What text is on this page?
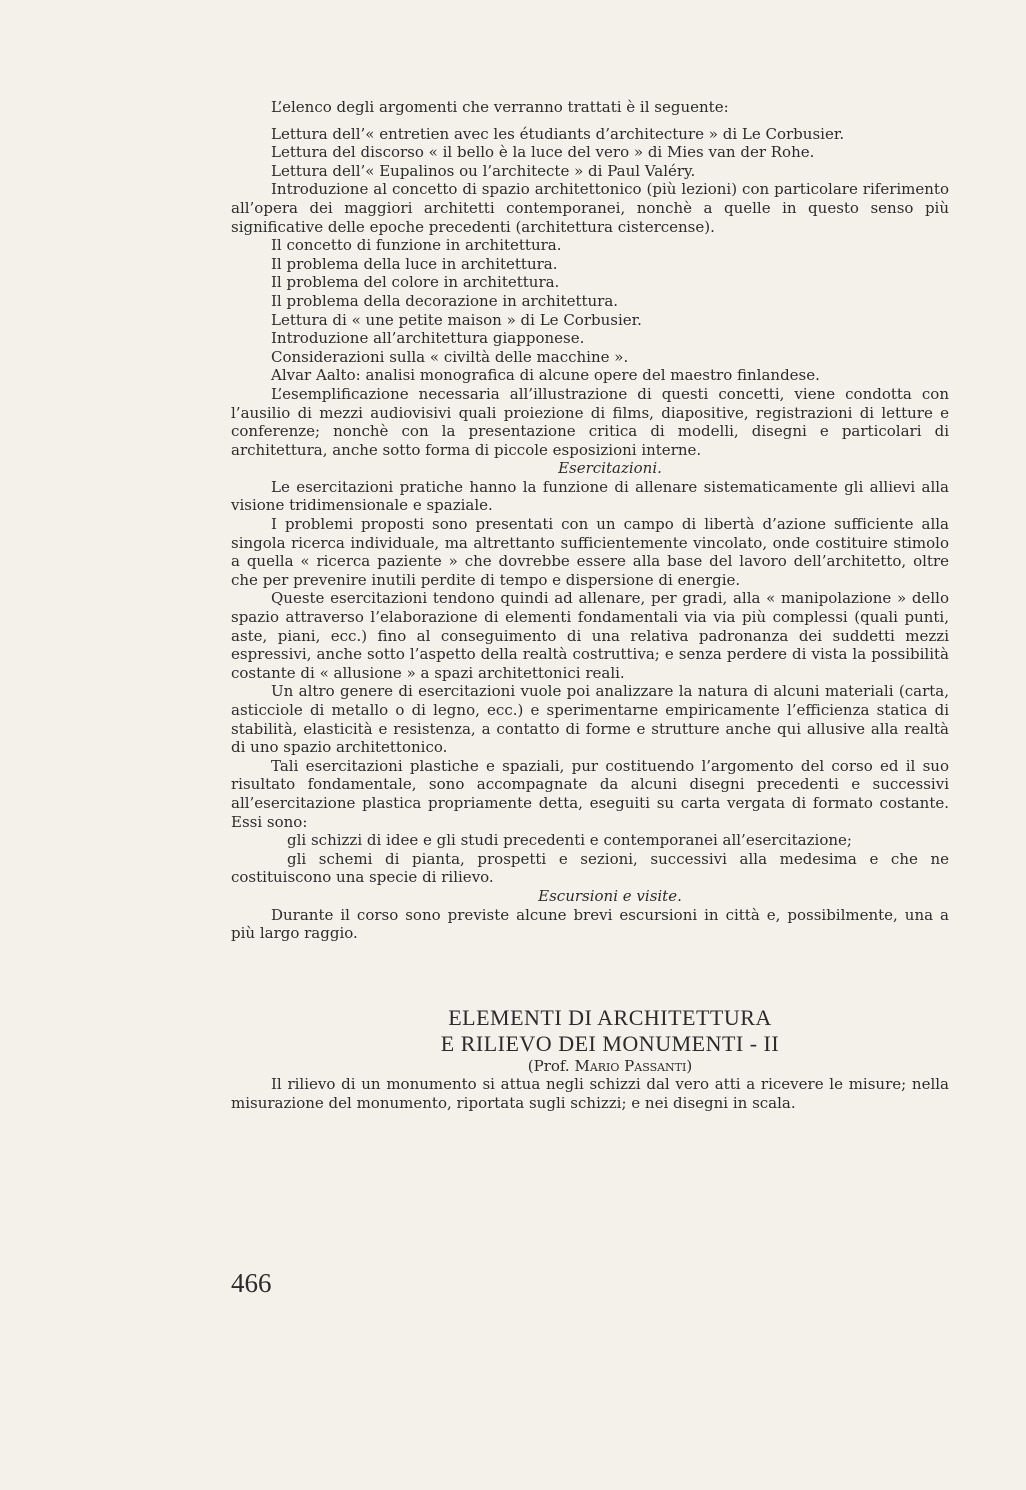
L’elenco degli argomenti che verranno trattati è il seguente:

Lettura dell’« entretien avec les étudiants d’architecture » di Le Corbusier.

Lettura del discorso « il bello è la luce del vero » di Mies van der Rohe.

Lettura dell’« Eupalinos ou l’architecte » di Paul Valéry.

Introduzione al concetto di spazio architettonico (più lezioni) con particolare riferimento all’opera dei maggiori architetti contemporanei, nonchè a quelle in questo senso più significative delle epoche precedenti (architettura cistercense).

Il concetto di funzione in architettura.

Il problema della luce in architettura.

Il problema del colore in architettura.

Il problema della decorazione in architettura.

Lettura di « une petite maison » di Le Corbusier.

Introduzione all’architettura giapponese.

Considerazioni sulla « civiltà delle macchine ».

Alvar Aalto: analisi monografica di alcune opere del maestro finlandese.

L’esemplificazione necessaria all’illustrazione di questi concetti, viene condotta con l’ausilio di mezzi audiovisivi quali proiezione di films, diapositive, registrazioni di letture e conferenze; nonchè con la presentazione critica di modelli, disegni e particolari di architettura, anche sotto forma di piccole esposizioni interne.

Esercitazioni.

Le esercitazioni pratiche hanno la funzione di allenare sistematicamente gli allievi alla visione tridimensionale e spaziale.

I problemi proposti sono presentati con un campo di libertà d’azione sufficiente alla singola ricerca individuale, ma altrettanto sufficientemente vincolato, onde costituire stimolo a quella « ricerca paziente » che dovrebbe essere alla base del lavoro dell’architetto, oltre che per prevenire inutili perdite di tempo e dispersione di energie.

Queste esercitazioni tendono quindi ad allenare, per gradi, alla « manipolazione » dello spazio attraverso l’elaborazione di elementi fondamentali via via più complessi (quali punti, aste, piani, ecc.) fino al conseguimento di una relativa padronanza dei suddetti mezzi espressivi, anche sotto l’aspetto della realtà costruttiva; e senza perdere di vista la possibilità costante di « allusione » a spazi architettonici reali.

Un altro genere di esercitazioni vuole poi analizzare la natura di alcuni materiali (carta, asticciole di metallo o di legno, ecc.) e sperimentarne empiricamente l’efficienza statica di stabilità, elasticità e resistenza, a contatto di forme e strutture anche qui allusive alla realtà di uno spazio architettonico.

Tali esercitazioni plastiche e spaziali, pur costituendo l’argomento del corso ed il suo risultato fondamentale, sono accompagnate da alcuni disegni precedenti e successivi all’esercitazione plastica propriamente detta, eseguiti su carta vergata di formato costante. Essi sono:

gli schizzi di idee e gli studi precedenti e contemporanei all’esercitazione;

gli schemi di pianta, prospetti e sezioni, successivi alla medesima e che ne costituiscono una specie di rilievo.

Escursioni e visite.

Durante il corso sono previste alcune brevi escursioni in città e, possibilmente, una a più largo raggio.

ELEMENTI DI ARCHITETTURA
E RILIEVO DEI MONUMENTI - II

(Prof. Mario Passanti)

Il rilievo di un monumento si attua negli schizzi dal vero atti a ricevere le misure; nella misurazione del monumento, riportata sugli schizzi; e nei disegni in scala.

466
